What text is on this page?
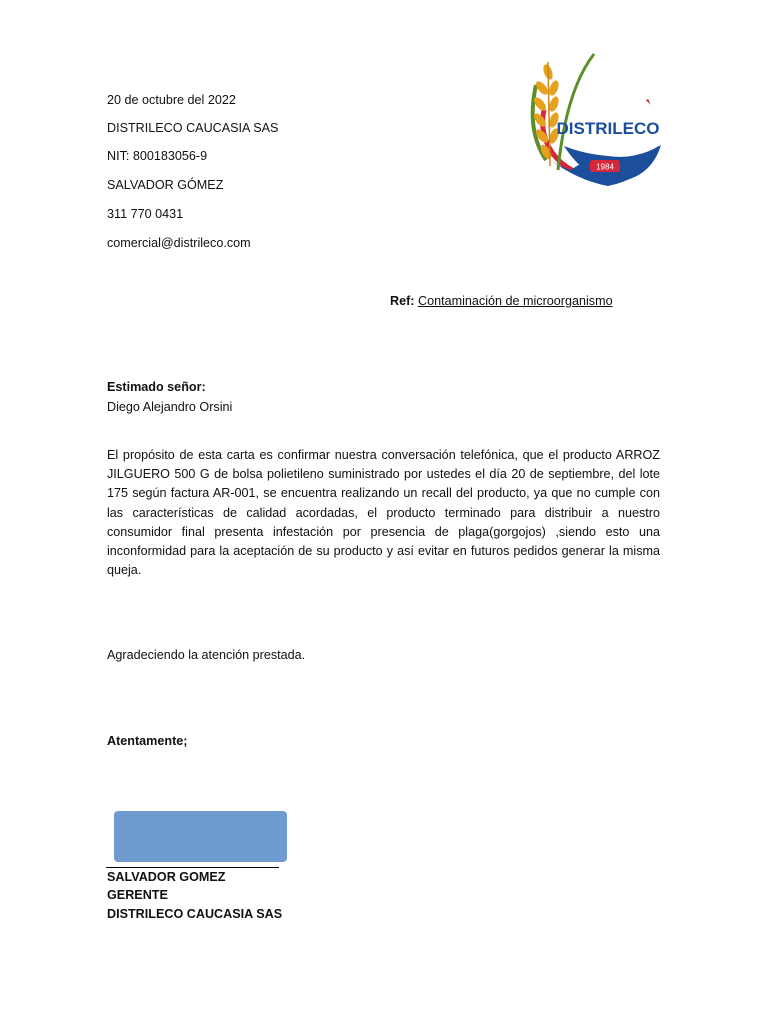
20 de octubre del 2022
DISTRILECO CAUCASIA SAS
NIT: 800183056-9
SALVADOR GÓMEZ
311 770 0431
comercial@distrileco.com
DISTRILECO
1984
Ref: Contaminación de microorganismo
Estimado señor:
Diego Alejandro Orsini
El propósito de esta carta es confirmar nuestra conversación telefónica, que el producto ARROZ JILGUERO 500 G de bolsa polietileno suministrado por ustedes el día 20 de septiembre, del lote 175 según factura AR-001, se encuentra realizando un recall del producto, ya que no cumple con las características de calidad acordadas, el producto terminado para distribuir a nuestro consumidor final presenta infestación por presencia de plaga(gorgojos) ,siendo esto una inconformidad para la aceptación de su producto y así evitar en futuros pedidos generar la misma queja.
Agradeciendo la atención prestada.
Atentamente;
SALVADOR GOMEZ
GERENTE
DISTRILECO CAUCASIA SAS
